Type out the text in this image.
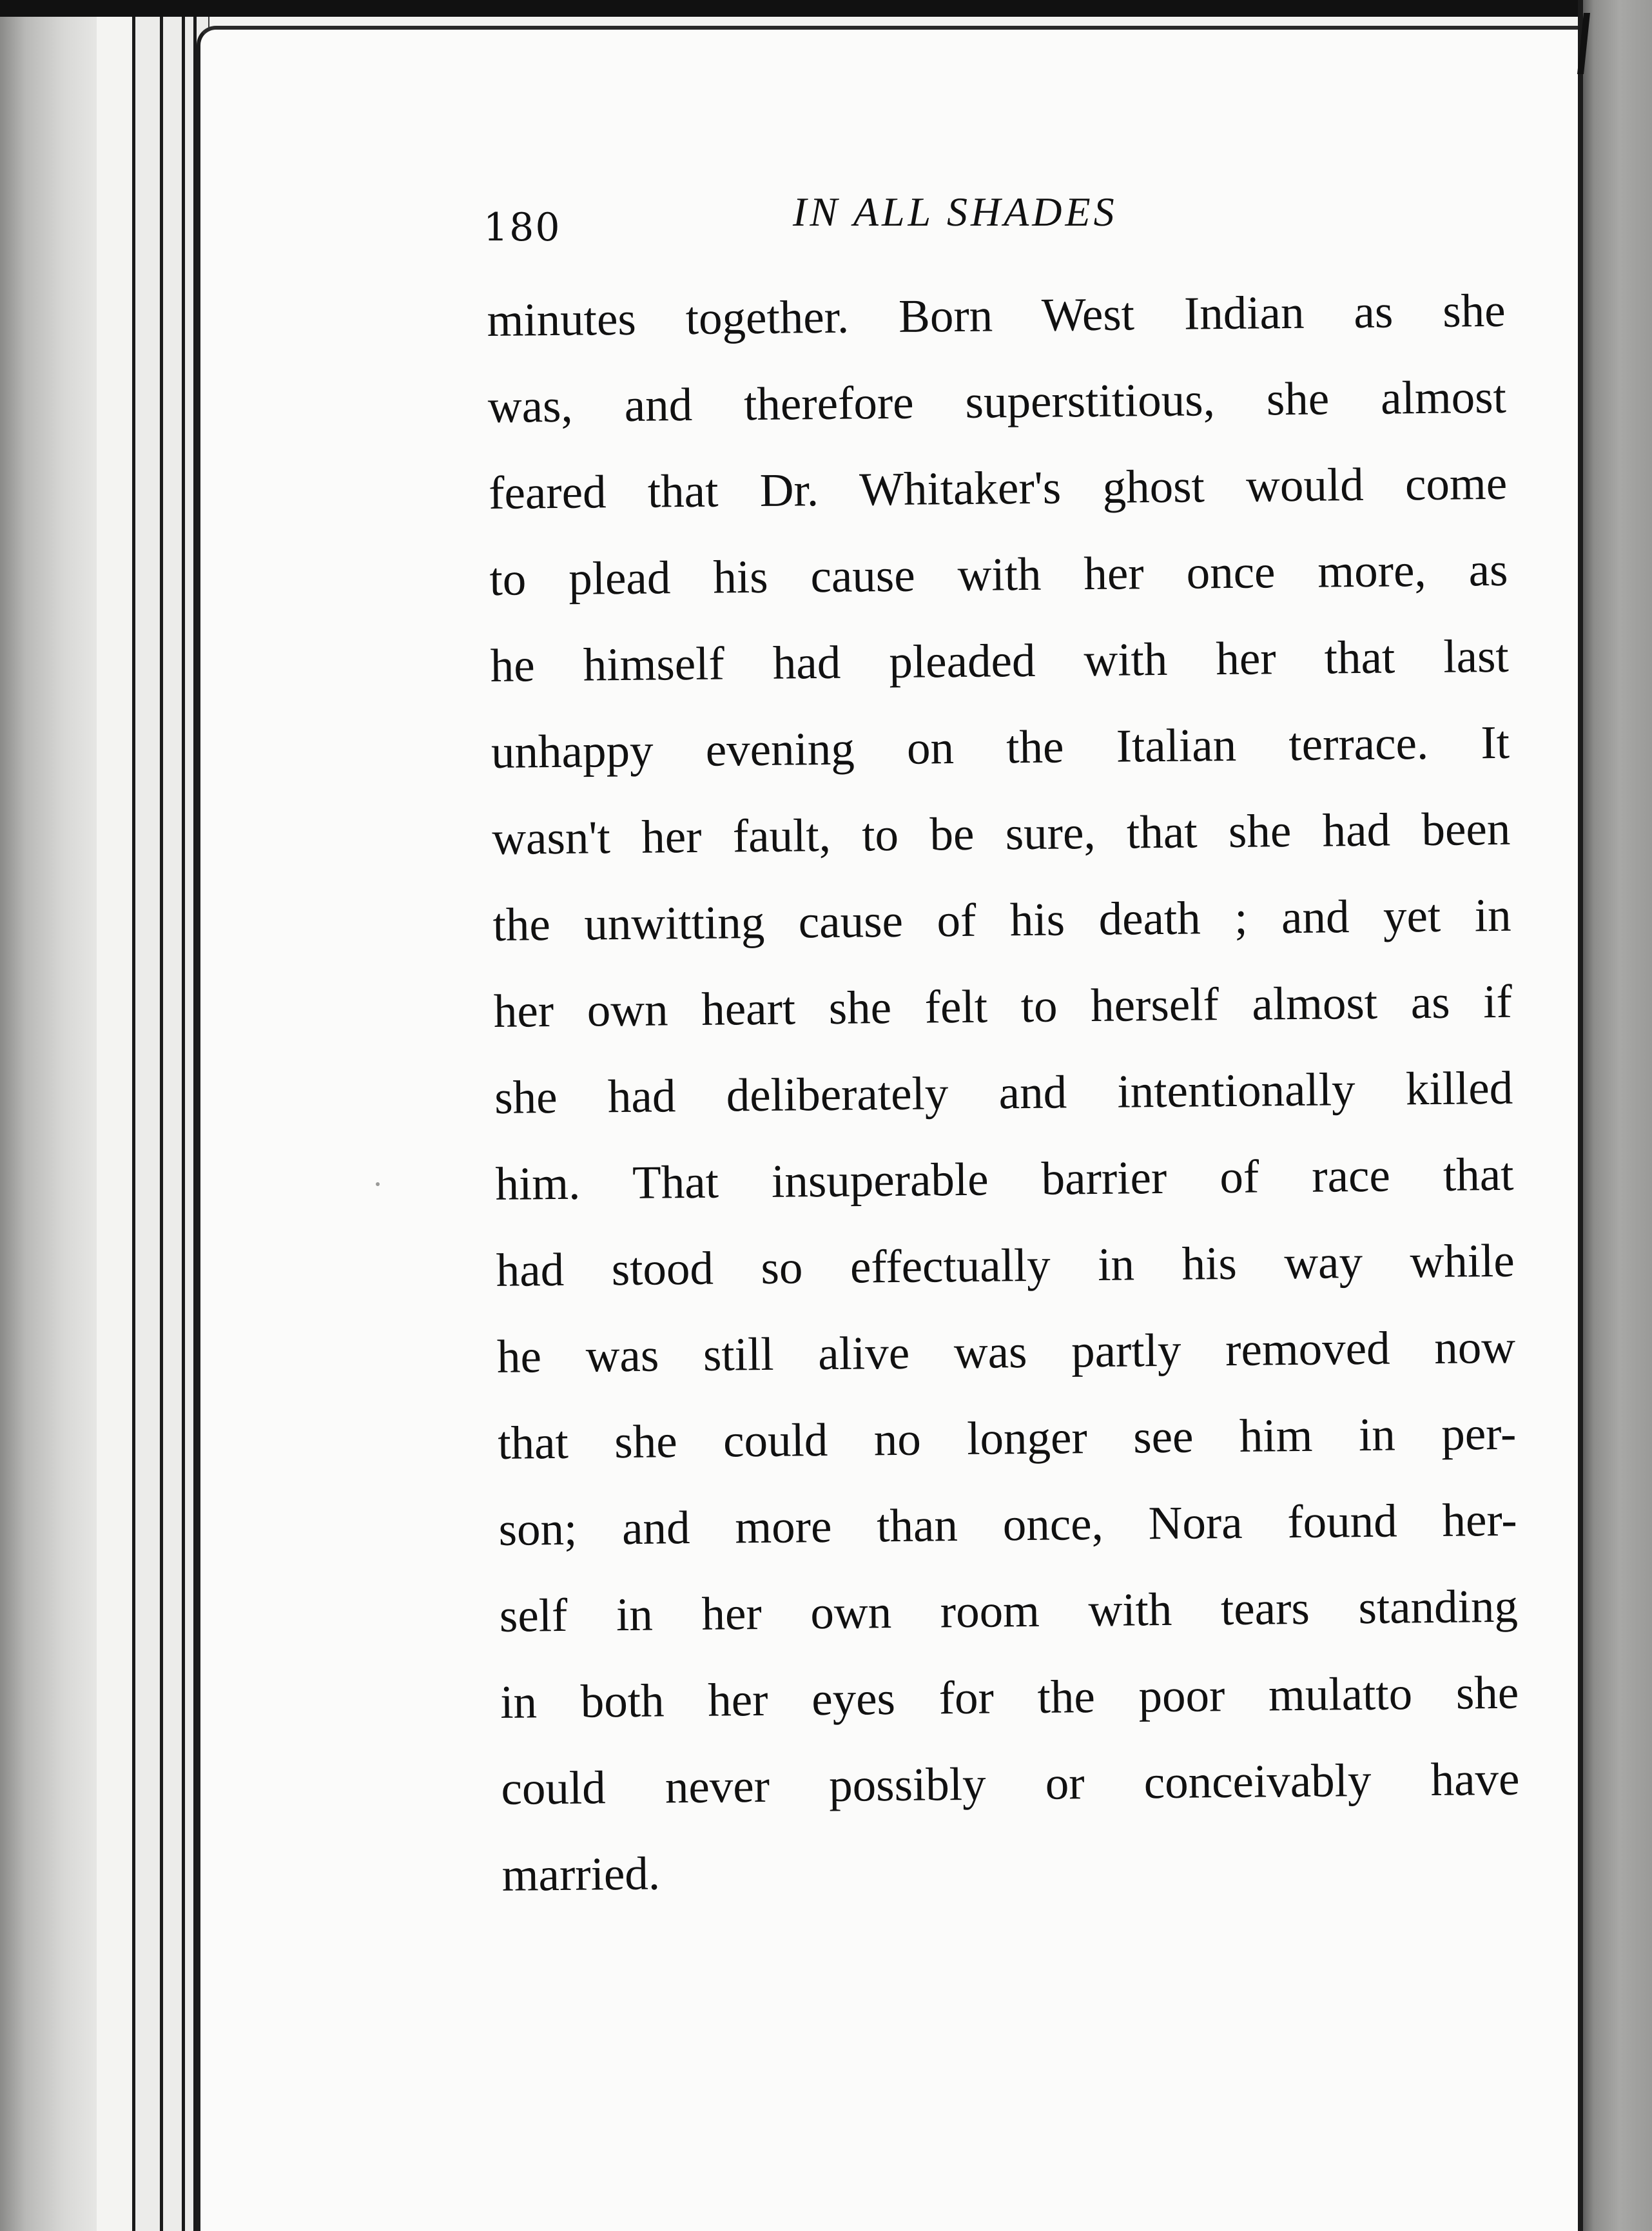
180	IN ALL SHADES
minutes together. Born West Indian as she
was, and therefore superstitious, she almost
feared that Dr. Whitaker's ghost would come
to plead his cause with her once more, as
he himself had pleaded with her that last
unhappy evening on the Italian terrace. It
wasn't her fault, to be sure, that she had been
the unwitting cause of his death ; and yet in
her own heart she felt to herself almost as if
she had deliberately and intentionally killed
him. That insuperable barrier of race that
had stood so effectually in his way while
he was still alive was partly removed now
that she could no longer see him in per-
son; and more than once, Nora found her-
self in her own room with tears standing
in both her eyes for the poor mulatto she
could never possibly or conceivably have
married.
